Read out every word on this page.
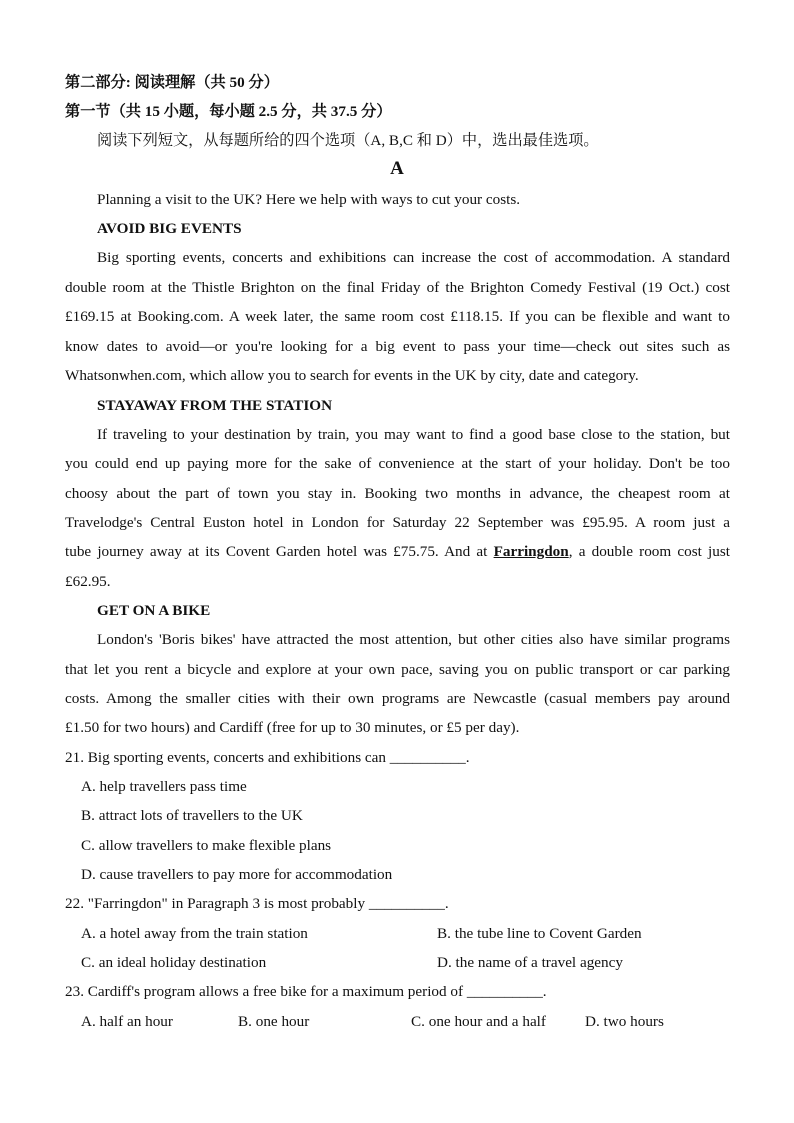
第二部分: 阅读理解（共 50 分）
第一节（共 15 小题，每小题 2.5 分，共 37.5 分）
阅读下列短文，从每题所给的四个选项（A, B,C 和 D）中，选出最佳选项。
A
Planning a visit to the UK? Here we help with ways to cut your costs.
AVOID BIG EVENTS
Big sporting events, concerts and exhibitions can increase the cost of accommodation. A standard
double room at the Thistle Brighton on the final Friday of the Brighton Comedy Festival (19 Oct.) cost
£169.15 at Booking.com. A week later, the same room cost £118.15. If you can be flexible and want to
know dates to avoid—or you're looking for a big event to pass your time—check out sites such as
Whatsonwhen.com, which allow you to search for events in the UK by city, date and category.
STAYAWAY FROM THE STATION
If traveling to your destination by train, you may want to find a good base close to the station, but
you could end up paying more for the sake of convenience at the start of your holiday. Don't be too
choosy about the part of town you stay in. Booking two months in advance, the cheapest room at
Travelodge's Central Euston hotel in London for Saturday 22 September was £95.95. A room just a
tube journey away at its Covent Garden hotel was £75.75. And at Farringdon, a double room cost just
£62.95.
GET ON A BIKE
London's 'Boris bikes' have attracted the most attention, but other cities also have similar programs
that let you rent a bicycle and explore at your own pace, saving you on public transport or car parking
costs. Among the smaller cities with their own programs are Newcastle (casual members pay around
£1.50 for two hours) and Cardiff (free for up to 30 minutes, or £5 per day).
21. Big sporting events, concerts and exhibitions can __________.
A. help travellers pass time
B. attract lots of travellers to the UK
C. allow travellers to make flexible plans
D. cause travellers to pay more for accommodation
22. "Farringdon" in Paragraph 3 is most probably __________.
A. a hotel away from the train station	B. the tube line to Covent Garden
C. an ideal holiday destination	D. the name of a travel agency
23. Cardiff's program allows a free bike for a maximum period of __________.
A. half an hour	B. one hour	C. one hour and a half	D. two hours
